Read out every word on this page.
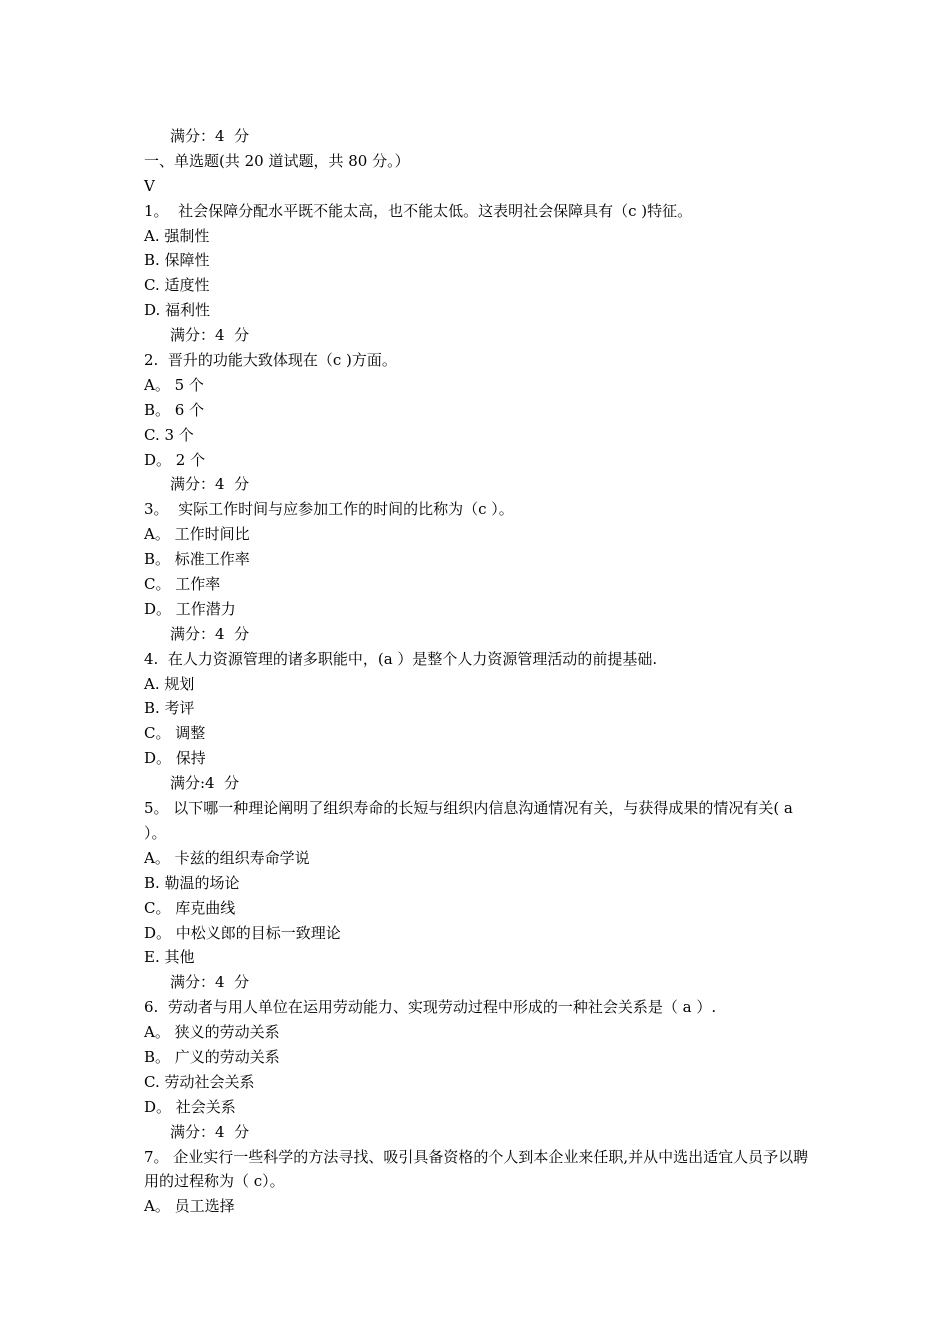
满分：4  分
一、单选题(共 20 道试题，共 80 分。）
V
1。  社会保障分配水平既不能太高，也不能太低。这表明社会保障具有（c )特征。
A. 强制性
B. 保障性
C. 适度性
D. 福利性
满分：4  分
2.  晋升的功能大致体现在（c )方面。
A。 5 个
B。 6 个
C. 3 个
D。 2 个
满分：4  分
3。  实际工作时间与应参加工作的时间的比称为（c ）。
A。 工作时间比
B。 标准工作率
C。 工作率
D。 工作潜力
满分：4  分
4.  在人力资源管理的诸多职能中，(a ）是整个人力资源管理活动的前提基础.
A. 规划
B. 考评
C。 调整
D。 保持
满分:4  分
5。 以下哪一种理论阐明了组织寿命的长短与组织内信息沟通情况有关，与获得成果的情况有关( a ）。
A。 卡兹的组织寿命学说
B. 勒温的场论
C。 库克曲线
D。 中松义郎的目标一致理论
E. 其他
满分：4  分
6.  劳动者与用人单位在运用劳动能力、实现劳动过程中形成的一种社会关系是（ a ）.
A。 狭义的劳动关系
B。 广义的劳动关系
C. 劳动社会关系
D。 社会关系
满分：4  分
7。 企业实行一些科学的方法寻找、吸引具备资格的个人到本企业来任职,并从中选出适宜人员予以聘用的过程称为（ c）。
A。 员工选择
